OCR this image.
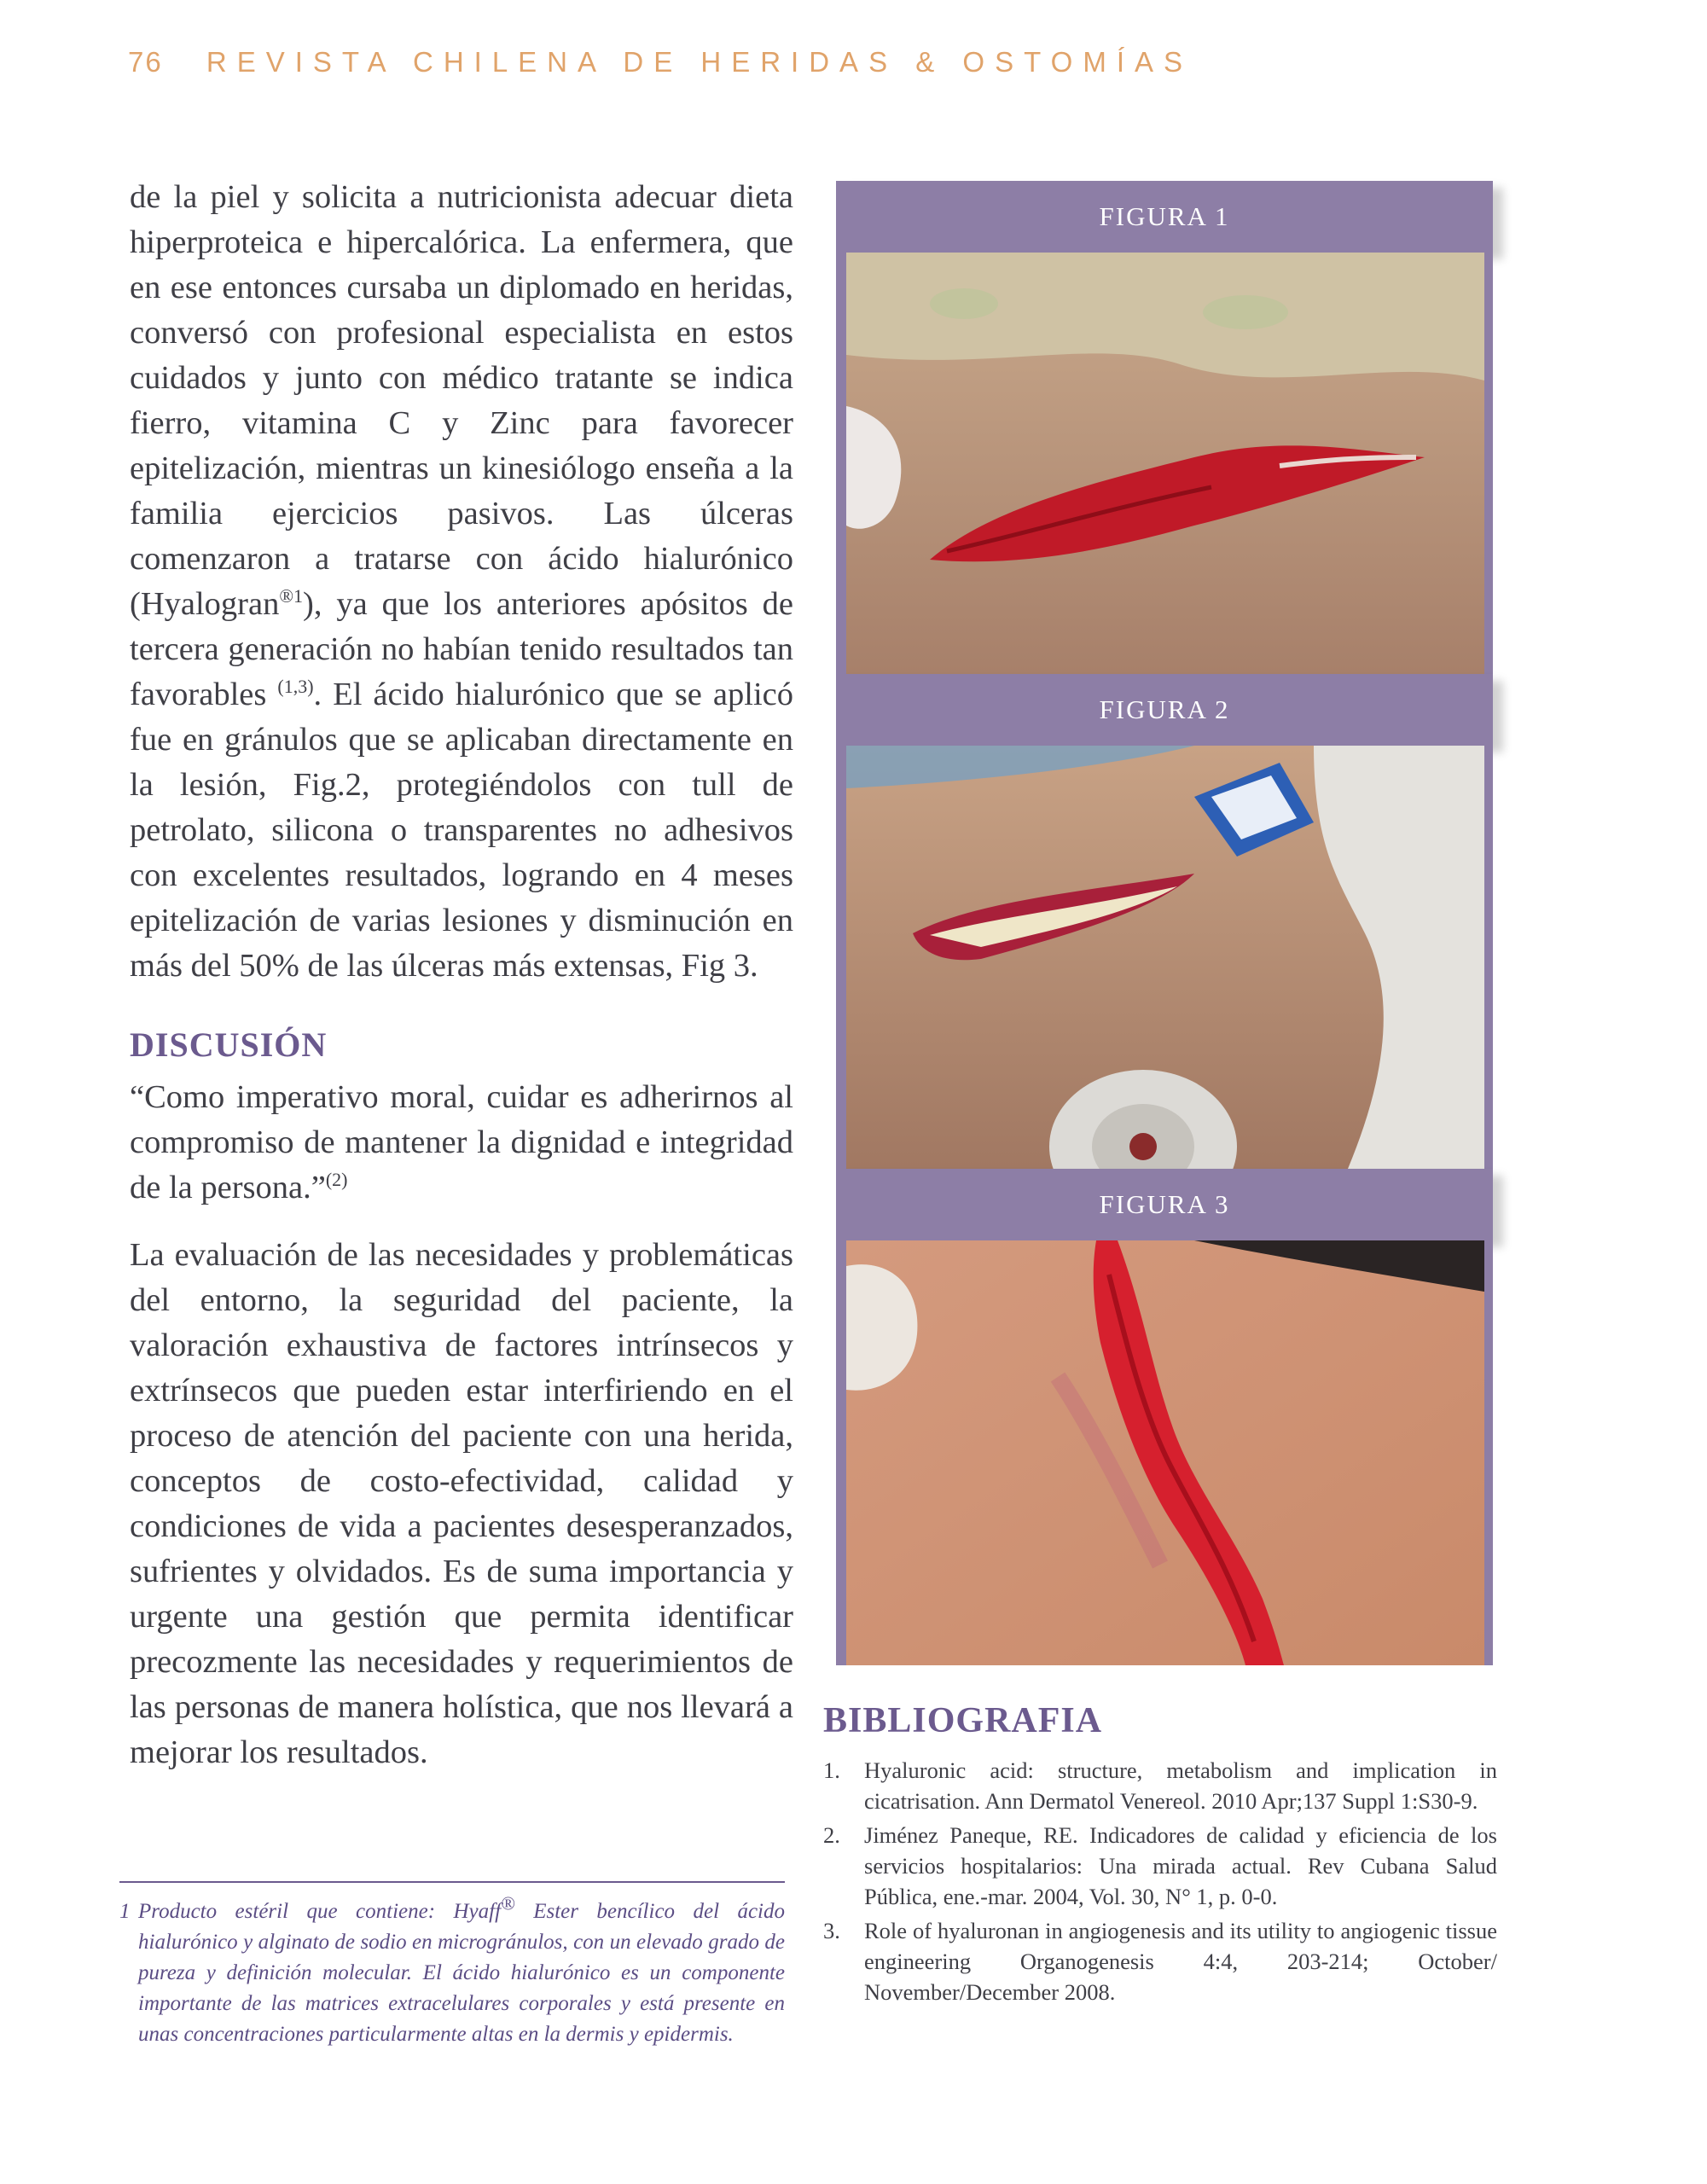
76 REVISTA CHILENA DE HERIDAS & OSTOMÍAS

de la piel y solicita a nutricionista adecuar dieta hiperproteica e hipercalórica. La enfermera, que en ese entonces cursaba un diplomado en heridas, conversó con profesional especialista en estos cuidados y junto con médico tratante se indica fierro, vitamina C y Zinc para favorecer epitelización, mientras un kinesiólogo enseña a la familia ejercicios pasivos. Las úlceras comenzaron a tratarse con ácido hialurónico (Hyalogran$^{®1}$), ya que los anteriores apósitos de tercera generación no habían tenido resultados tan favorables $^{(1,3)}$. El ácido hialurónico que se aplicó fue en gránulos que se aplicaban directamente en la lesión, Fig.2, protegiéndolos con tull de petrolato, silicona o transparentes no adhesivos con excelentes resultados, logrando en 4 meses epitelización de varias lesiones y disminución en más del 50% de las úlceras más extensas, Fig 3.

DISCUSIÓN

“Como imperativo moral, cuidar es adherirnos al compromiso de mantener la dignidad e integridad de la persona.”$^{(2)}$

La evaluación de las necesidades y problemáticas del entorno, la seguridad del paciente, la valoración exhaustiva de factores intrínsecos y extrínsecos que pueden estar interfiriendo en el proceso de atención del paciente con una herida, conceptos de costo-efectividad, calidad y condiciones de vida a pacientes desesperanzados, sufrientes y olvidados. Es de suma importancia y urgente una gestión que permita identificar precozmente las necesidades y requerimientos de las personas de manera holística, que nos llevará a mejorar los resultados.

1 Producto estéril que contiene: Hyaff® Ester bencílico del ácido hialurónico y alginato de sodio en microgránulos, con un elevado grado de pureza y definición molecular. El ácido hialurónico es un componente importante de las matrices extracelulares corporales y está presente en unas concentraciones particularmente altas en la dermis y epidermis.
FIGURA 1
FIGURA 2
FIGURA 3
BIBLIOGRAFIA
1.	Hyaluronic acid: structure, metabolism and implication in cicatrisation. Ann Dermatol Venereol. 2010 Apr;137 Suppl 1:S30-9.
2.	Jiménez Paneque, RE. Indicadores de calidad y eficiencia de los servicios hospitalarios: Una mirada actual. Rev Cubana Salud Pública, ene.-mar. 2004, Vol. 30, N° 1, p. 0-0.
3.	Role of hyaluronan in angiogenesis and its utility to angiogenic tissue engineering Organogenesis 4:4, 203-214; October/ November/December 2008.
